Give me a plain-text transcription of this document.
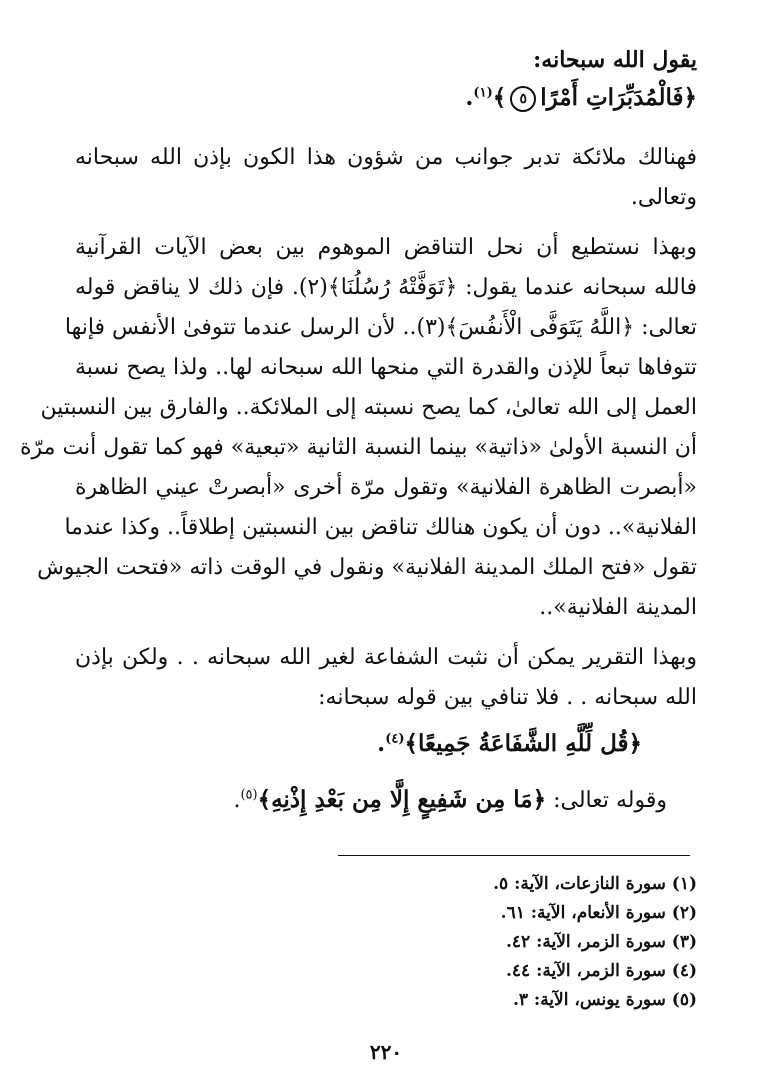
يقول الله سبحانه:
﴿فَالْمُدَبِّرَاتِ أَمْرًا٥﴾$^{(١)}$.
فهنالك ملائكة تدبر جوانب من شؤون هذا الكون بإذن الله سبحانه
وتعالى.
وبهذا نستطيع أن نحل التناقض الموهوم بين بعض الآيات القرآنية
فالله سبحانه عندما يقول: ﴿تَوَفَّتْهُ رُسُلُنَا﴾(٢). فإن ذلك لا يناقض قوله
تعالى: ﴿اللَّهُ يَتَوَفَّى الْأَنفُسَ﴾(٣).. لأن الرسل عندما تتوفىٰ الأنفس فإنها
تتوفاها تبعاً للإذن والقدرة التي منحها الله سبحانه لها.. ولذا يصح نسبة
العمل إلى الله تعالىٰ، كما يصح نسبته إلى الملائكة.. والفارق بين النسبتين
أن النسبة الأولىٰ «ذاتية» بينما النسبة الثانية «تبعية» فهو كما تقول أنت مرّة
«أبصرت الظاهرة الفلانية» وتقول مرّة أخرى «أبصرتْ عيني الظاهرة
الفلانية».. دون أن يكون هنالك تناقض بين النسبتين إطلاقاً.. وكذا عندما
تقول «فتح الملك المدينة الفلانية» ونقول في الوقت ذاته «فتحت الجيوش
المدينة الفلانية»..
وبهذا التقرير يمكن أن نثبت الشفاعة لغير الله سبحانه . . ولكن بإذن
الله سبحانه . . فلا تنافي بين قوله سبحانه:
﴿قُل لِّلَّهِ الشَّفَاعَةُ جَمِيعًا﴾$^{(٤)}$.
وقوله تعالى: ﴿مَا مِن شَفِيعٍ إِلَّا مِن بَعْدِ إِذْنِهِ﴾$^{(٥)}$.
(١) سورة النازعات، الآية: ٥.
(٢) سورة الأنعام، الآية: ٦١.
(٣) سورة الزمر، الآية: ٤٢.
(٤) سورة الزمر، الآية: ٤٤.
(٥) سورة يونس، الآية: ٣.
٢٢٠
